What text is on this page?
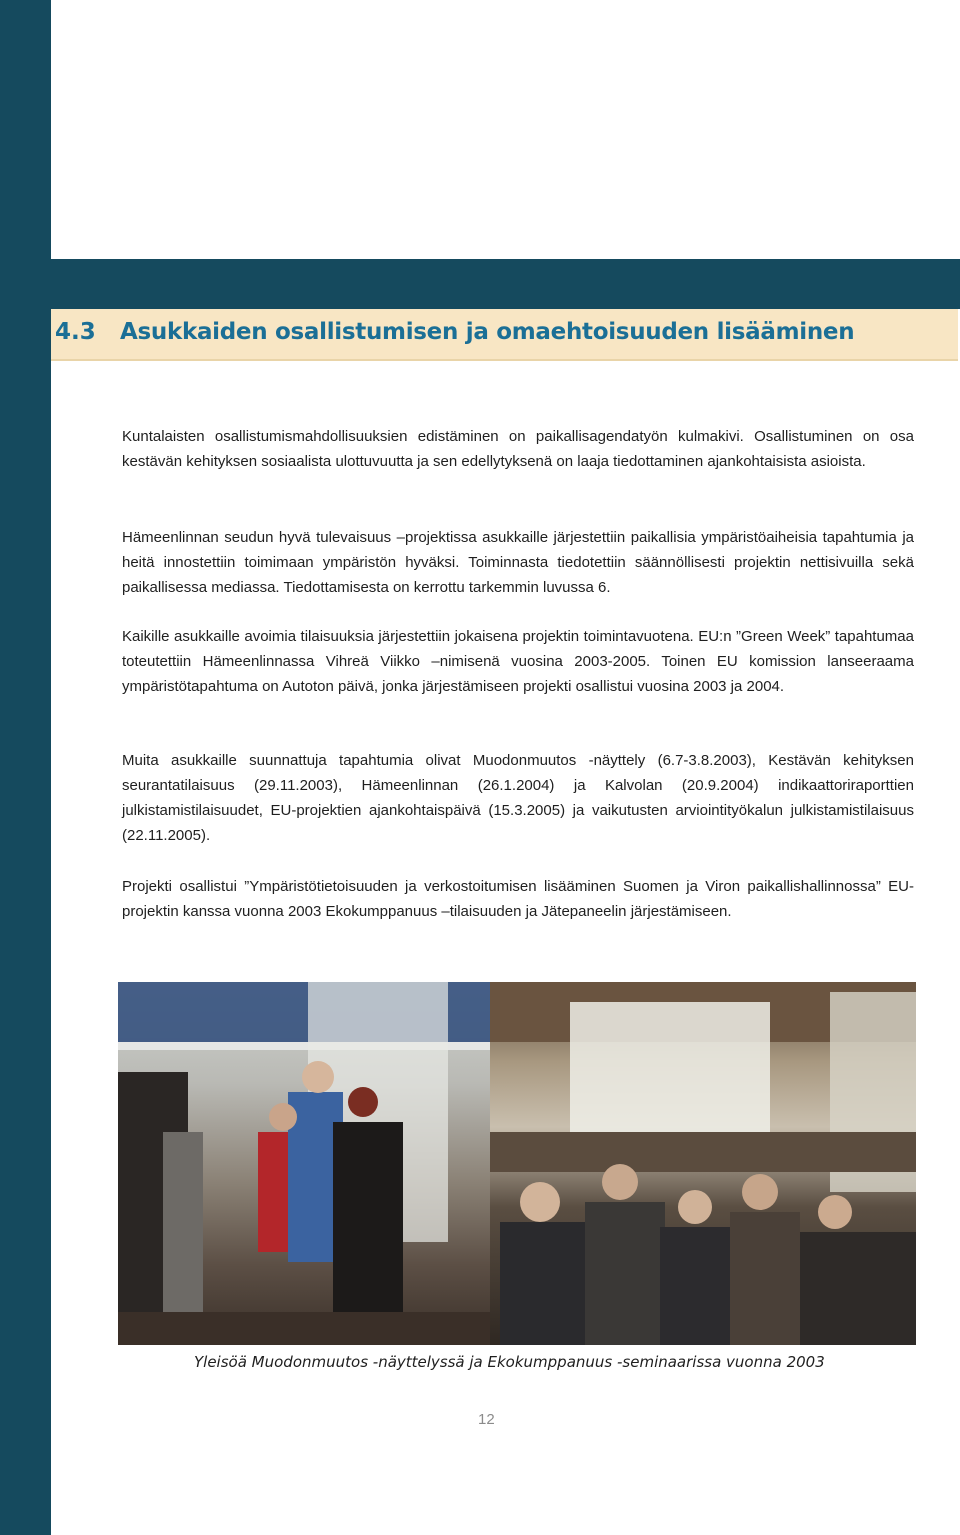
4.3 Asukkaiden osallistumisen ja omaehtoisuuden lisääminen

Kuntalaisten osallistumismahdollisuuksien edistäminen on paikallisagendatyön kulmakivi. Osallistuminen on osa kestävän kehityksen sosiaalista ulottuvuutta ja sen edellytyksenä on laaja tiedottaminen ajankohtaisista asioista.

Hämeenlinnan seudun hyvä tulevaisuus –projektissa asukkaille järjestettiin paikallisia ympäristöaiheisia tapahtumia ja heitä innostettiin toimimaan ympäristön hyväksi. Toiminnasta tiedotettiin säännöllisesti projektin nettisivuilla sekä paikallisessa mediassa. Tiedottamisesta on kerrottu tarkemmin luvussa 6.

Kaikille asukkaille avoimia tilaisuuksia järjestettiin jokaisena projektin toimintavuotena. EU:n ”Green Week” tapahtumaa toteutettiin Hämeenlinnassa Vihreä Viikko –nimisenä vuosina 2003-2005. Toinen EU komission lanseeraama ympäristötapahtuma on Autoton päivä, jonka järjestämiseen projekti osallistui vuosina 2003 ja 2004.

Muita asukkaille suunnattuja tapahtumia olivat Muodonmuutos -näyttely (6.7-3.8.2003), Kestävän kehityksen seurantatilaisuus (29.11.2003), Hämeenlinnan (26.1.2004) ja Kalvolan (20.9.2004) indikaattoriraporttien julkistamistilaisuudet, EU-projektien ajankohtaispäivä (15.3.2005) ja vaikutusten arviointityökalun julkistamistilaisuus (22.11.2005).

Projekti osallistui ”Ympäristötietoisuuden ja verkostoitumisen lisääminen Suomen ja Viron paikallishallinnossa” EU-projektin kanssa vuonna 2003 Ekokumppanuus –tilaisuuden ja Jätepaneelin järjestämiseen.

Yleisöä Muodonmuutos -näyttelyssä ja Ekokumppanuus -seminaarissa vuonna 2003
12
